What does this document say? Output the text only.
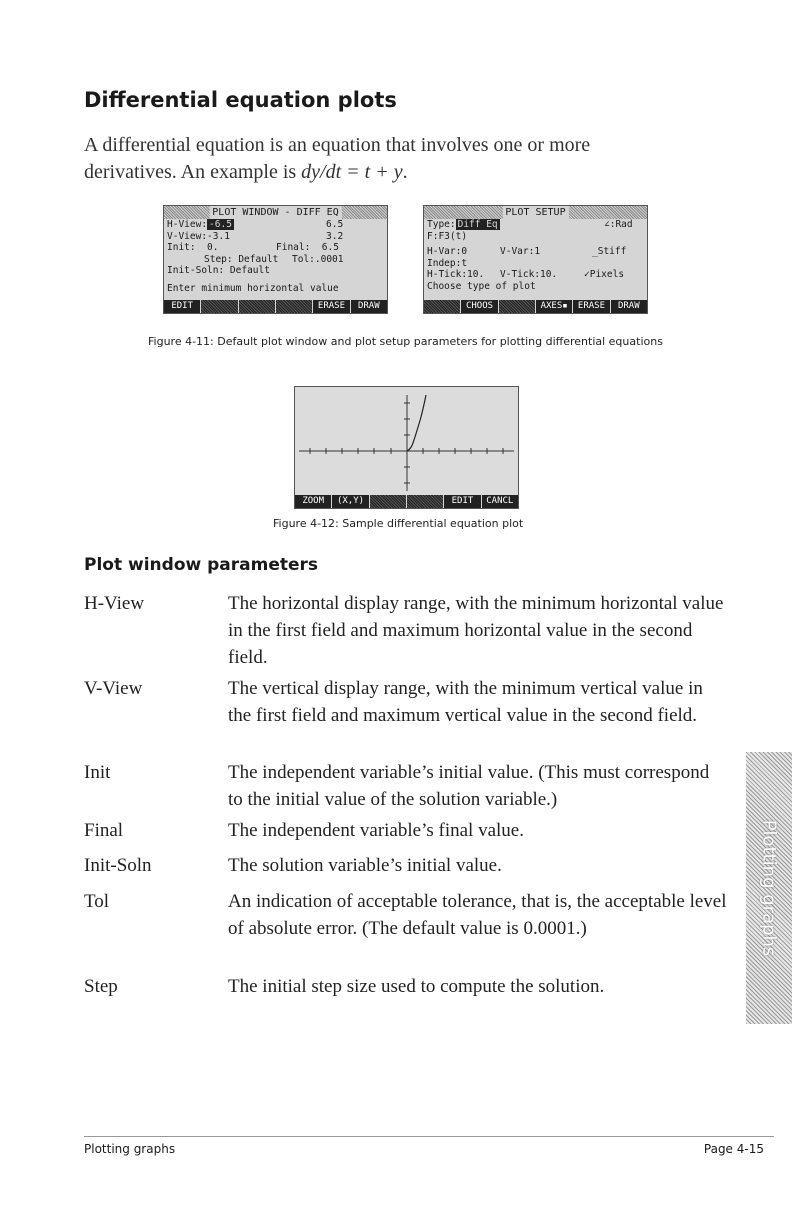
Differential equation plots
A differential equation is an equation that involves one or more derivatives. An example is dy/dt = t + y.
PLOT WINDOW - DIFF EQ
H-View: -6.5	6.5
V-View:-3.1	3.2
Init:  0.	Final:  6.5
Step: Default Tol:.0001
Init-Soln: Default
Enter minimum horizontal value
EDIT	ERASE	DRAW
PLOT SETUP
Type: Diff Eq	∠:Rad
F:F3(t)
H-Var:0	V-Var:1	_Stiff
Indep:t
H-Tick:10. V-Tick:10.	✓Pixels
Choose type of plot
CHOOS	AXES▪	ERASE	DRAW
Figure 4-11: Default plot window and plot setup parameters for plotting differential equations
ZOOM	(X,Y)	EDIT	CANCL
Figure 4-12: Sample differential equation plot
Plot window parameters
H-View	The horizontal display range, with the minimum horizontal value in the first field and maximum horizontal value in the second field.
V-View	The vertical display range, with the minimum vertical value in the first field and maximum vertical value in the second field.
Init	The independent variable’s initial value. (This must correspond to the initial value of the solution variable.)
Final	The independent variable’s final value.
Init-Soln	The solution variable’s initial value.
Tol	An indication of acceptable tolerance, that is, the acceptable level of absolute error. (The default value is 0.0001.)
Step	The initial step size used to compute the solution.
Plotting graphs
Plotting graphs	Page 4-15
